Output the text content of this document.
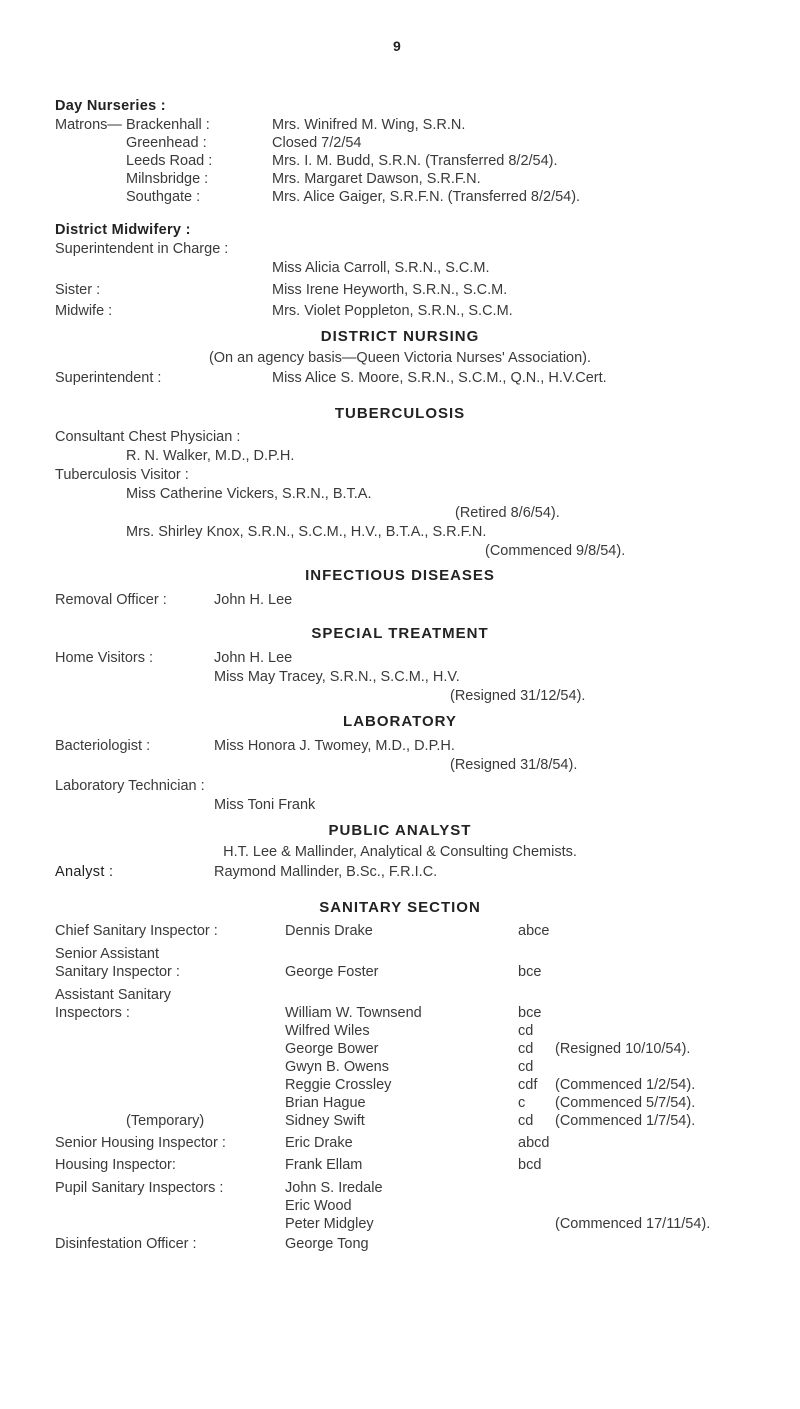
9
Day Nurseries :
Matrons— Brackenhall :	Mrs. Winifred M. Wing, S.R.N.
Greenhead :	Closed 7/2/54
Leeds Road :	Mrs. I. M. Budd, S.R.N. (Transferred 8/2/54).
Milnsbridge :	Mrs. Margaret Dawson, S.R.F.N.
Southgate :	Mrs. Alice Gaiger, S.R.F.N. (Transferred 8/2/54).
District Midwifery :
Superintendent in Charge :
Miss Alicia Carroll, S.R.N., S.C.M.
Sister :	Miss Irene Heyworth, S.R.N., S.C.M.
Midwife :	Mrs. Violet Poppleton, S.R.N., S.C.M.
DISTRICT NURSING
(On an agency basis—Queen Victoria Nurses' Association).
Superintendent :	Miss Alice S. Moore, S.R.N., S.C.M., Q.N., H.V.Cert.
TUBERCULOSIS
Consultant Chest Physician :
R. N. Walker, M.D., D.P.H.
Tuberculosis Visitor :
Miss Catherine Vickers, S.R.N., B.T.A.
(Retired 8/6/54).
Mrs. Shirley Knox, S.R.N., S.C.M., H.V., B.T.A., S.R.F.N.
(Commenced 9/8/54).
INFECTIOUS DISEASES
Removal Officer :	John H. Lee
SPECIAL TREATMENT
Home Visitors :	John H. Lee
Miss May Tracey, S.R.N., S.C.M., H.V.
(Resigned 31/12/54).
LABORATORY
Bacteriologist :	Miss Honora J. Twomey, M.D., D.P.H.
(Resigned 31/8/54).
Laboratory Technician :
Miss Toni Frank
PUBLIC ANALYST
H.T. Lee & Mallinder, Analytical & Consulting Chemists.
Analyst :	Raymond Mallinder, B.Sc., F.R.I.C.
SANITARY SECTION
Chief Sanitary Inspector :	Dennis Drake	abce
Senior Assistant
Sanitary Inspector :	George Foster	bce
Assistant Sanitary
Inspectors :	William W. Townsend	bce
Wilfred Wiles	cd
George Bower	cd (Resigned 10/10/54).
Gwyn B. Owens	cd
Reggie Crossley	cdf (Commenced 1/2/54).
Brian Hague	c (Commenced 5/7/54).
(Temporary)	Sidney Swift	cd (Commenced 1/7/54).
Senior Housing Inspector :	Eric Drake	abcd
Housing Inspector:	Frank Ellam	bcd
Pupil Sanitary Inspectors :	John S. Iredale
Eric Wood
Peter Midgley	(Commenced 17/11/54).
Disinfestation Officer :	George Tong
